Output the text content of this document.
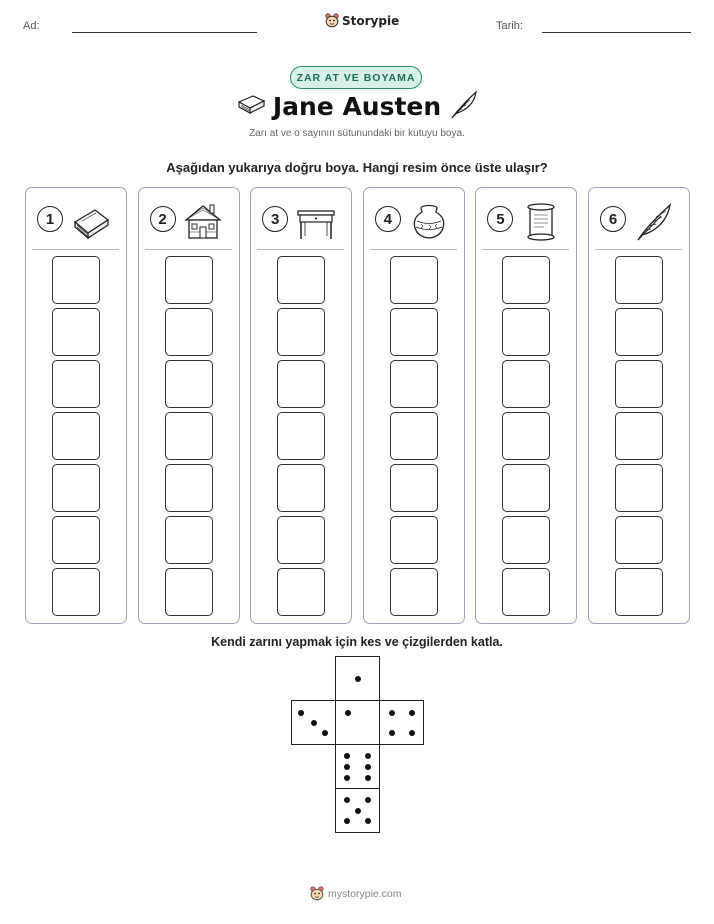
Ad:	Storypie	Tarih:
ZAR AT VE BOYAMA
Jane Austen
Zarı at ve o sayının sütunundaki bir kutuyu boya.
Aşağıdan yukarıya doğru boya. Hangi resim önce üste ulaşır?
1	2	3	4	5	6
Kendi zarını yapmak için kes ve çizgilerden katla.
mystorypie.com
